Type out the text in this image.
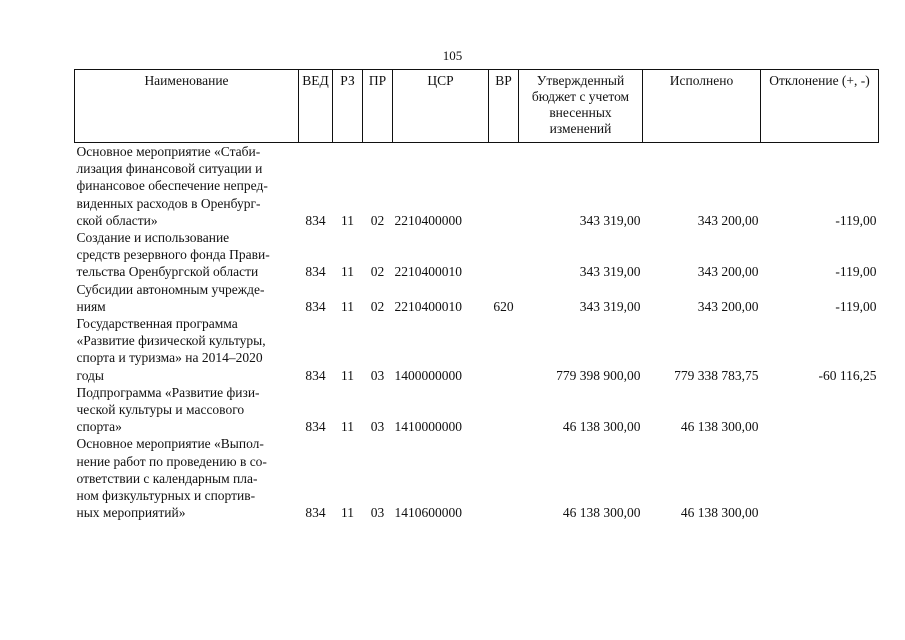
105
Наименование	ВЕД	РЗ	ПР	ЦСР	ВР	Утвержденный бюджет с учетом внесенных изменений	Исполнено	Отклонение (+, -)
Основное мероприятие «Стаби-
лизация финансовой ситуации и
финансовое обеспечение непред-
виденных расходов в Оренбург-
ской области»	834	11	02	2210400000		343 319,00	343 200,00	-119,00
Создание и использование
средств резервного фонда Прави-
тельства Оренбургской области	834	11	02	2210400010		343 319,00	343 200,00	-119,00
Субсидии автономным учрежде-
ниям	834	11	02	2210400010	620	343 319,00	343 200,00	-119,00
Государственная программа
«Развитие физической культуры,
спорта и туризма» на 2014–2020
годы	834	11	03	1400000000		779 398 900,00	779 338 783,75	-60 116,25
Подпрограмма «Развитие физи-
ческой культуры и массового
спорта»	834	11	03	1410000000		46 138 300,00	46 138 300,00	
Основное мероприятие «Выпол-
нение работ по проведению в со-
ответствии с календарным пла-
ном физкультурных и спортив-
ных мероприятий»	834	11	03	1410600000		46 138 300,00	46 138 300,00	
